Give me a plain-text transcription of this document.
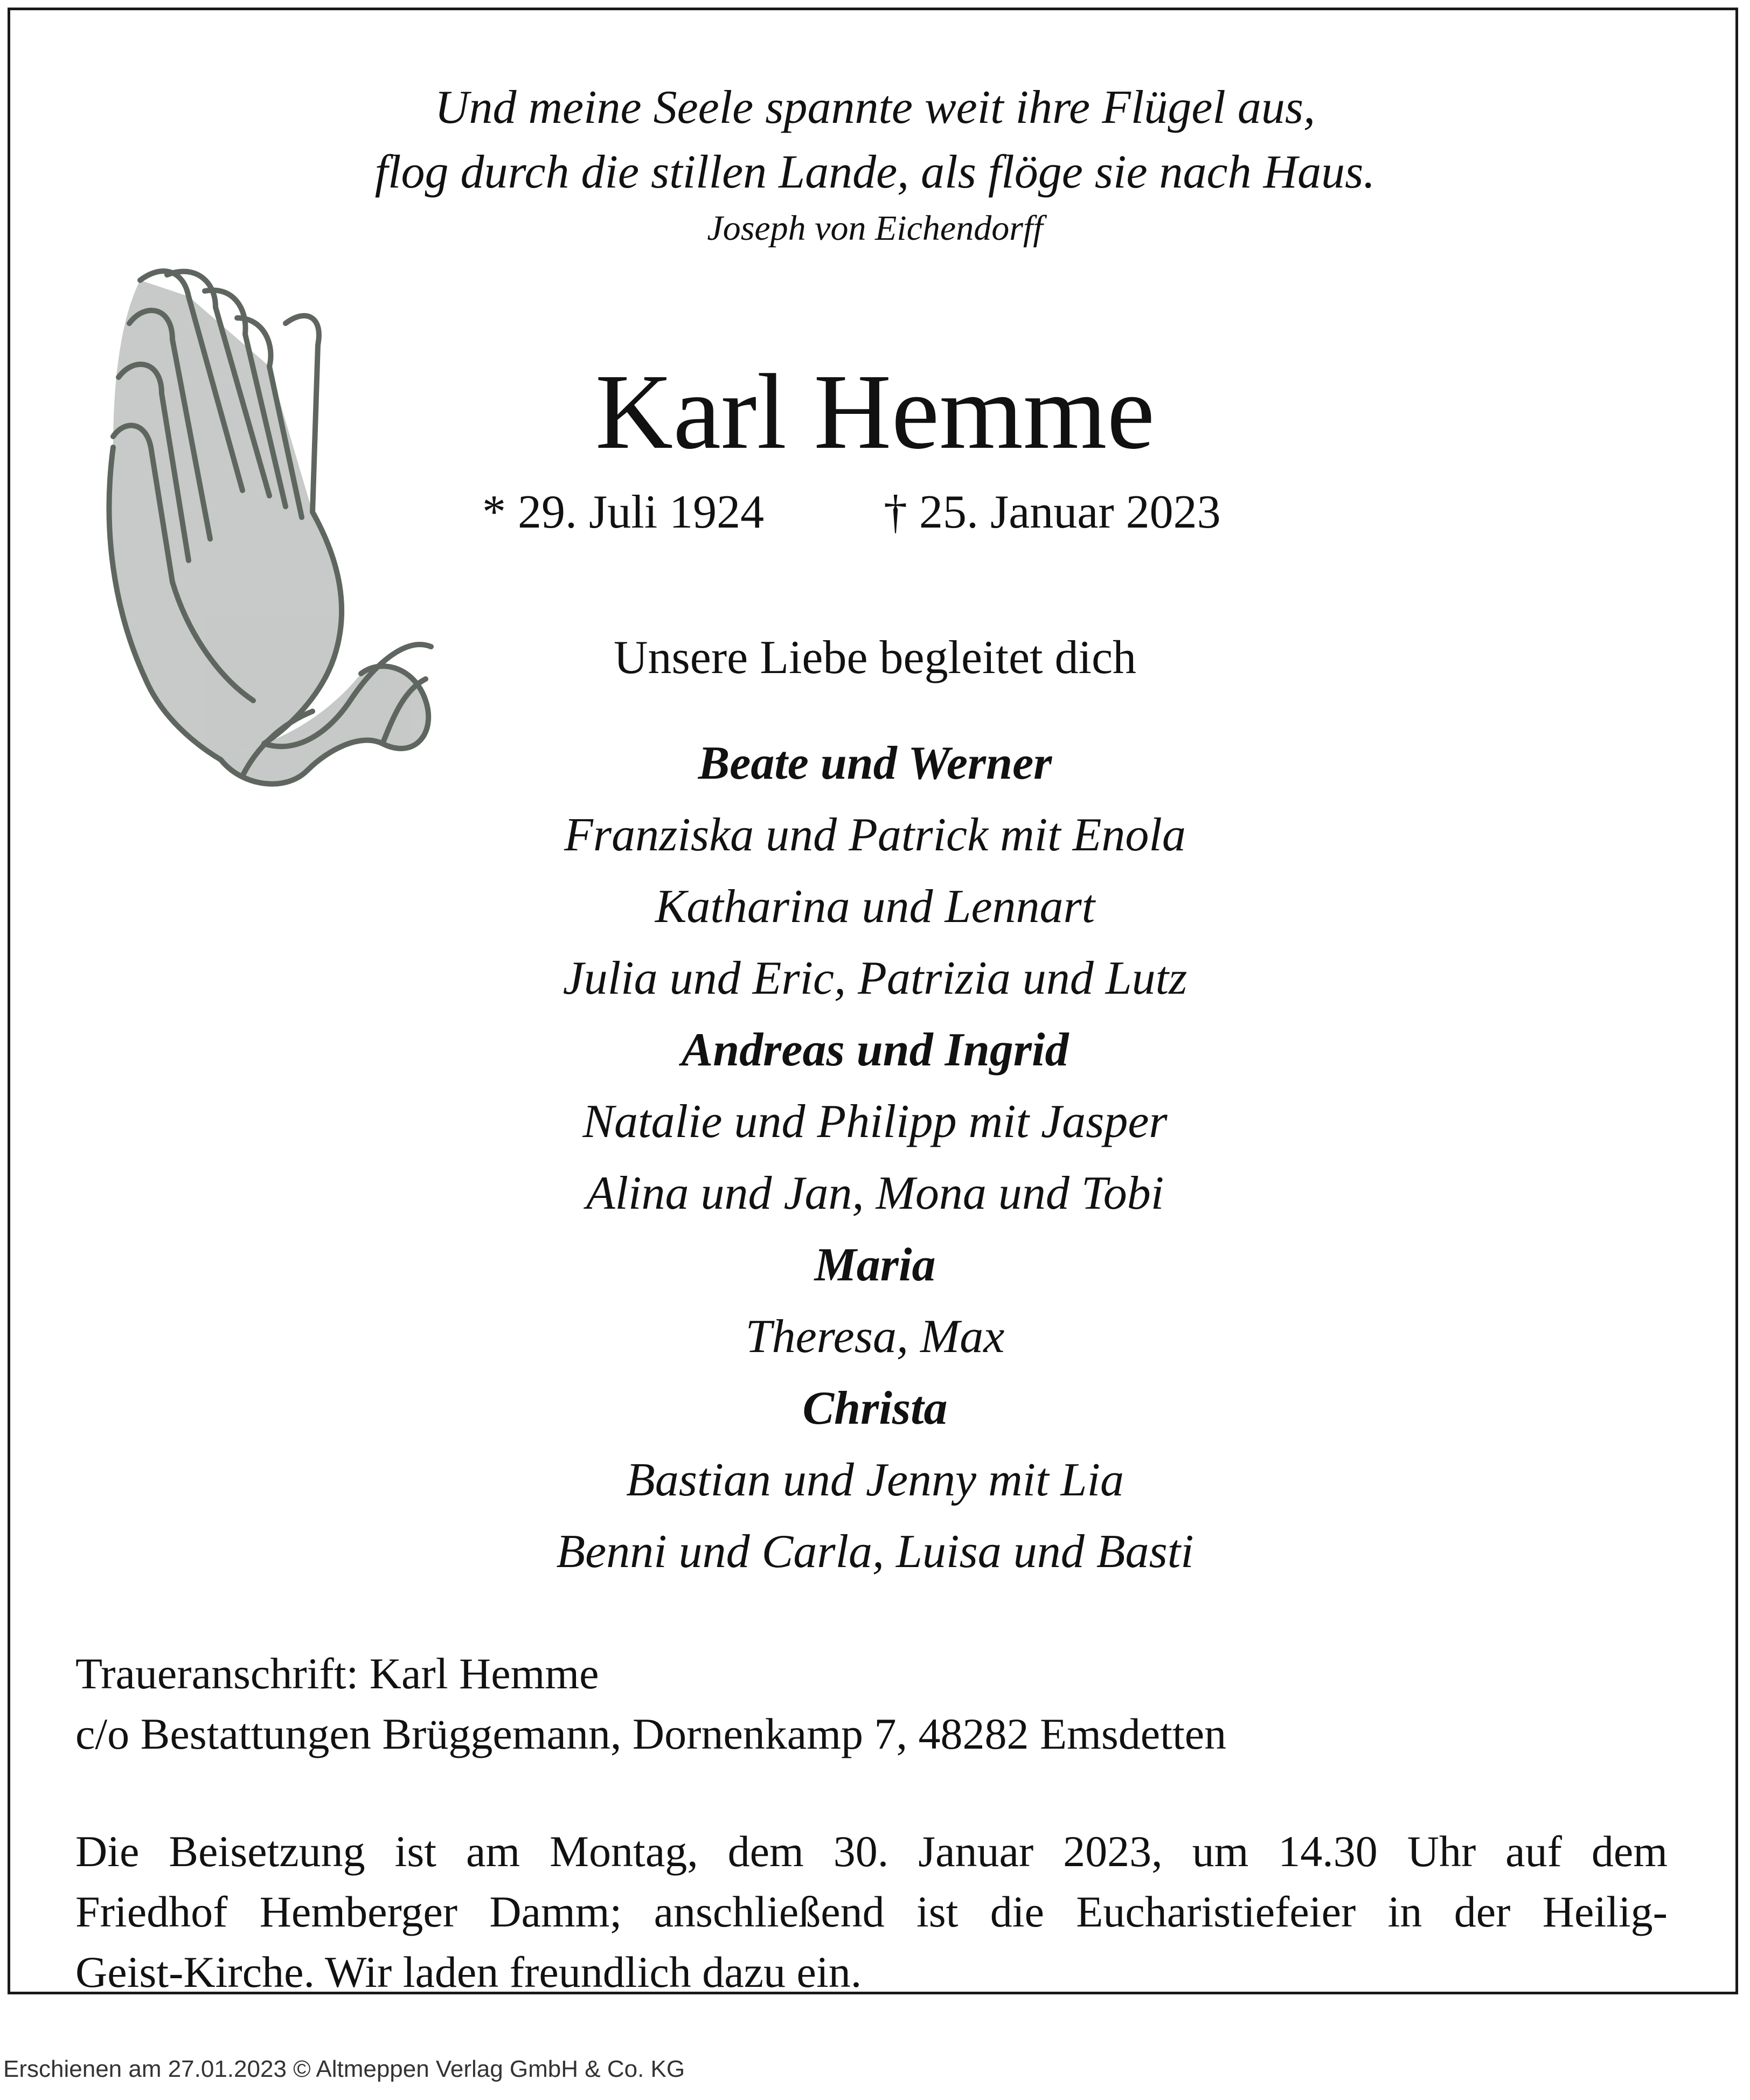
Und meine Seele spannte weit ihre Flügel aus,
flog durch die stillen Lande, als flöge sie nach Haus.
Joseph von Eichendorff
Karl Hemme
* 29. Juli 1924	† 25. Januar 2023
Unsere Liebe begleitet dich
Beate und Werner
Franziska und Patrick mit Enola
Katharina und Lennart
Julia und Eric, Patrizia und Lutz
Andreas und Ingrid
Natalie und Philipp mit Jasper
Alina und Jan, Mona und Tobi
Maria
Theresa, Max
Christa
Bastian und Jenny mit Lia
Benni und Carla, Luisa und Basti
Traueranschrift: Karl Hemme
c/o Bestattungen Brüggemann, Dornenkamp 7, 48282 Emsdetten
Die Beisetzung ist am Montag, dem 30. Januar 2023, um 14.30 Uhr auf dem
Friedhof Hemberger Damm; anschließend ist die Eucharistiefeier in der Heilig-
Geist-Kirche. Wir laden freundlich dazu ein.
Erschienen am 27.01.2023 © Altmeppen Verlag GmbH & Co. KG
